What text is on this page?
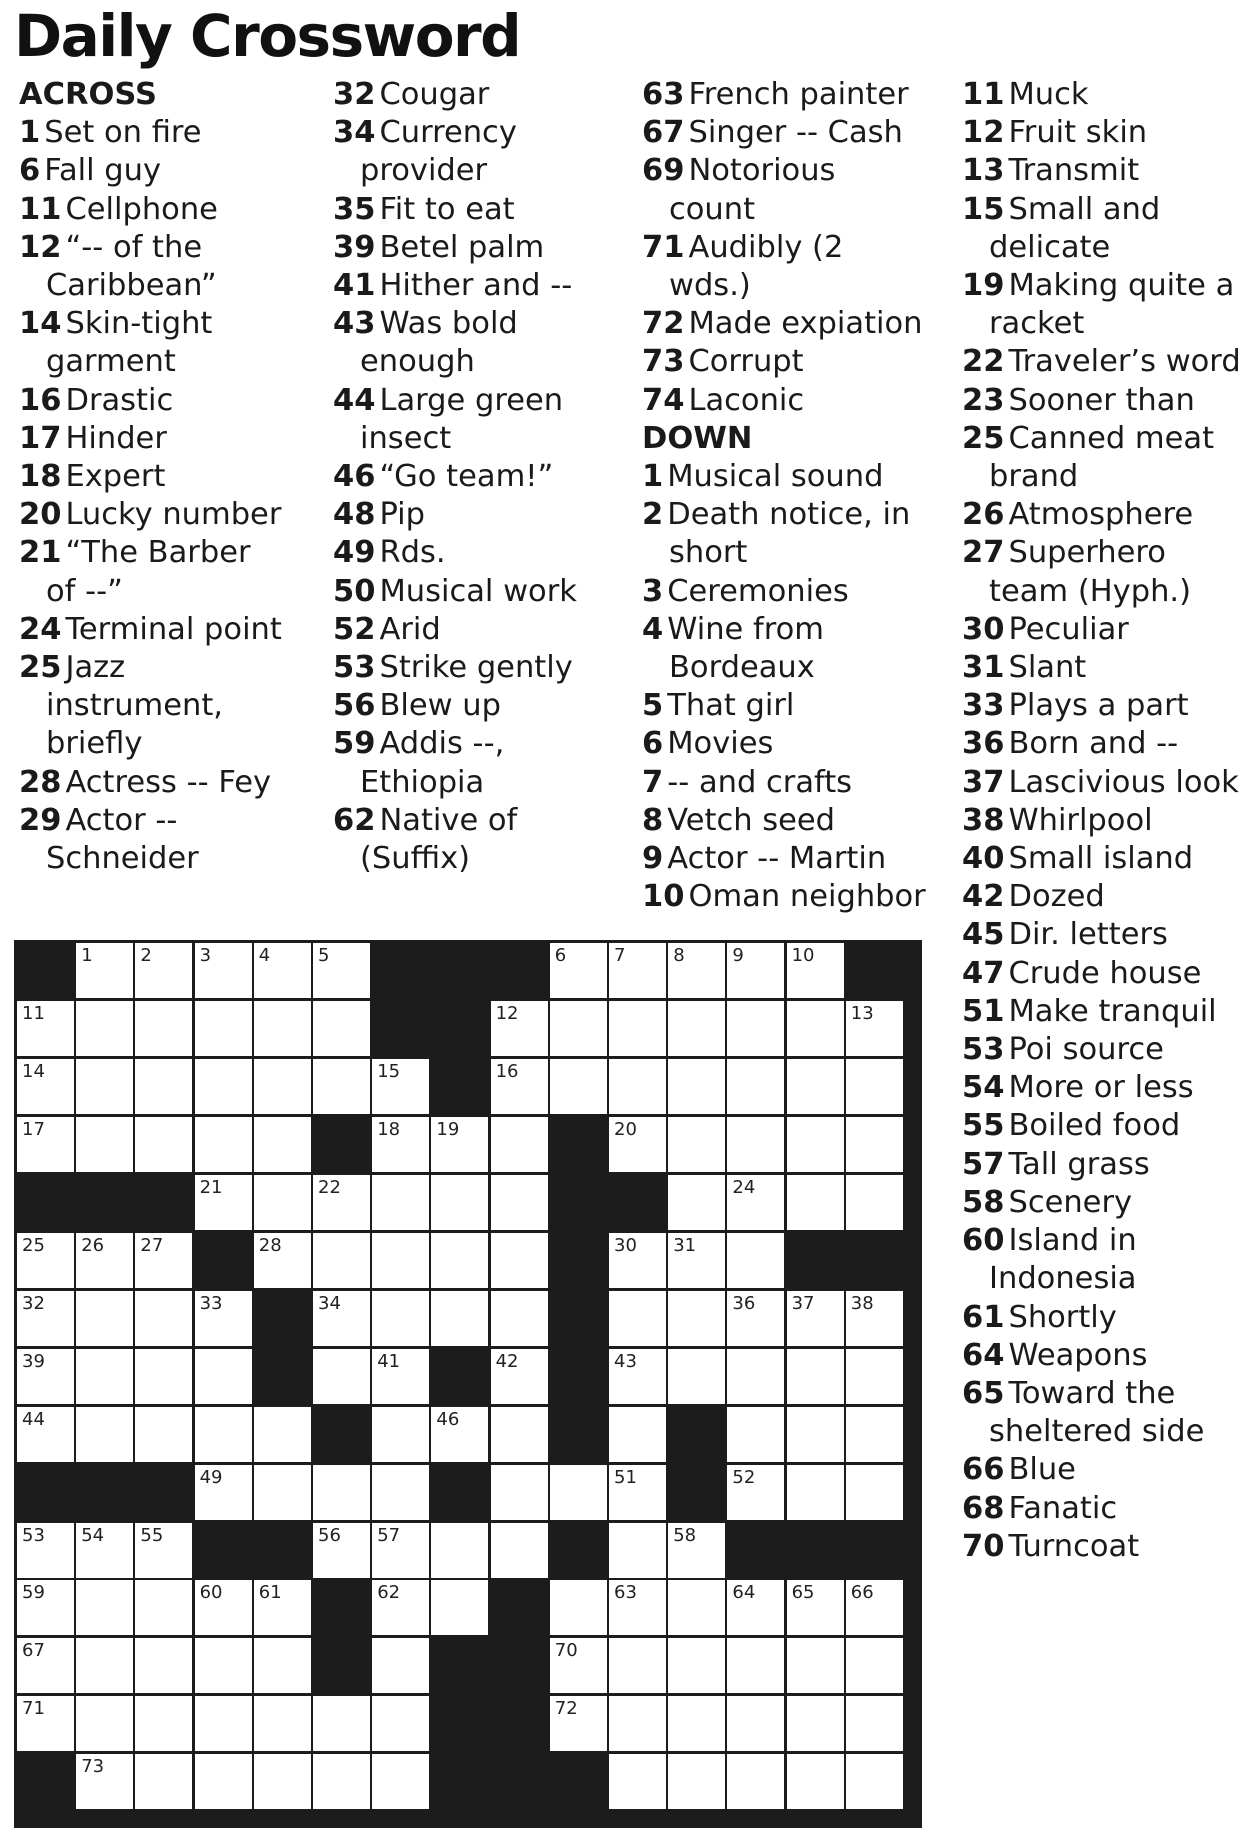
Daily Crossword
ACROSS
1 Set on fire
6 Fall guy
11 Cellphone
12 “-- of the Caribbean”
14 Skin-tight garment
16 Drastic
17 Hinder
18 Expert
20 Lucky number
21 “The Barber of --”
24 Terminal point
25 Jazz instrument, briefly
28 Actress -- Fey
29 Actor -- Schneider
32 Cougar
34 Currency provider
35 Fit to eat
39 Betel palm
41 Hither and --
43 Was bold enough
44 Large green insect
46 “Go team!”
48 Pip
49 Rds.
50 Musical work
52 Arid
53 Strike gently
56 Blew up
59 Addis --, Ethiopia
62 Native of (Suffix)
63 French painter
67 Singer -- Cash
69 Notorious count
71 Audibly (2 wds.)
72 Made expiation
73 Corrupt
74 Laconic
DOWN
1 Musical sound
2 Death notice, in short
3 Ceremonies
4 Wine from Bordeaux
5 That girl
6 Movies
7 -- and crafts
8 Vetch seed
9 Actor -- Martin
10 Oman neighbor
11 Muck
12 Fruit skin
13 Transmit
15 Small and delicate
19 Making quite a racket
22 Traveler’s word
23 Sooner than
25 Canned meat brand
26 Atmosphere
27 Superhero team (Hyph.)
30 Peculiar
31 Slant
33 Plays a part
36 Born and --
37 Lascivious look
38 Whirlpool
40 Small island
42 Dozed
45 Dir. letters
47 Crude house
51 Make tranquil
53 Poi source
54 More or less
55 Boiled food
57 Tall grass
58 Scenery
60 Island in Indonesia
61 Shortly
64 Weapons
65 Toward the sheltered side
66 Blue
68 Fanatic
70 Turncoat
1	2	3	4	5	6	7	8	9	10
11	12	13
14	15	16
17	18 19	20
21	22	24
25 26 27	28	30 31
32	33	34	36 37 38
39	41	42	43
44	46
49	51	52
53 54 55	56 57	58
59	60 61	62	63	64 65 66
67	70
71	72
73
